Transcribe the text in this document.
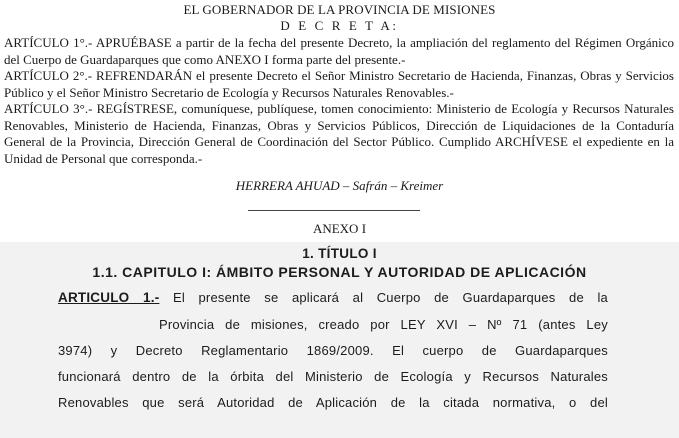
EL GOBERNADOR DE LA PROVINCIA DE MISIONES
D E C R E T A:
ARTÍCULO 1°.- APRUÉBASE a partir de la fecha del presente Decreto, la ampliación del reglamento del Régimen Orgánico del Cuerpo de Guardaparques que como ANEXO I forma parte del presente.-
ARTÍCULO 2°.- REFRENDARÁN el presente Decreto el Señor Ministro Secretario de Hacienda, Finanzas, Obras y Servicios Público y el Señor Ministro Secretario de Ecología y Recursos Naturales Renovables.-
ARTÍCULO 3°.- REGÍSTRESE, comuníquese, publíquese, tomen conocimiento: Ministerio de Ecología y Recursos Naturales Renovables, Ministerio de Hacienda, Finanzas, Obras y Servicios Públicos, Dirección de Liquidaciones de la Contaduría General de la Provincia, Dirección General de Coordinación del Sector Público. Cumplido ARCHÍVESE el expediente en la Unidad de Personal que corresponda.-
HERRERA AHUAD – Safrán – Kreimer
ANEXO I
1. TÍTULO I
1.1. CAPITULO I: ÁMBITO PERSONAL Y AUTORIDAD DE APLICACIÓN
ARTICULO 1.- El presente se aplicará al Cuerpo de Guardaparques de la
Provincia de misiones, creado por LEY XVI – Nº 71 (antes Ley
3974) y Decreto Reglamentario 1869/2009. El cuerpo de Guardaparques
funcionará dentro de la órbita del Ministerio de Ecología y Recursos Naturales
Renovables que será Autoridad de Aplicación de la citada normativa, o del
